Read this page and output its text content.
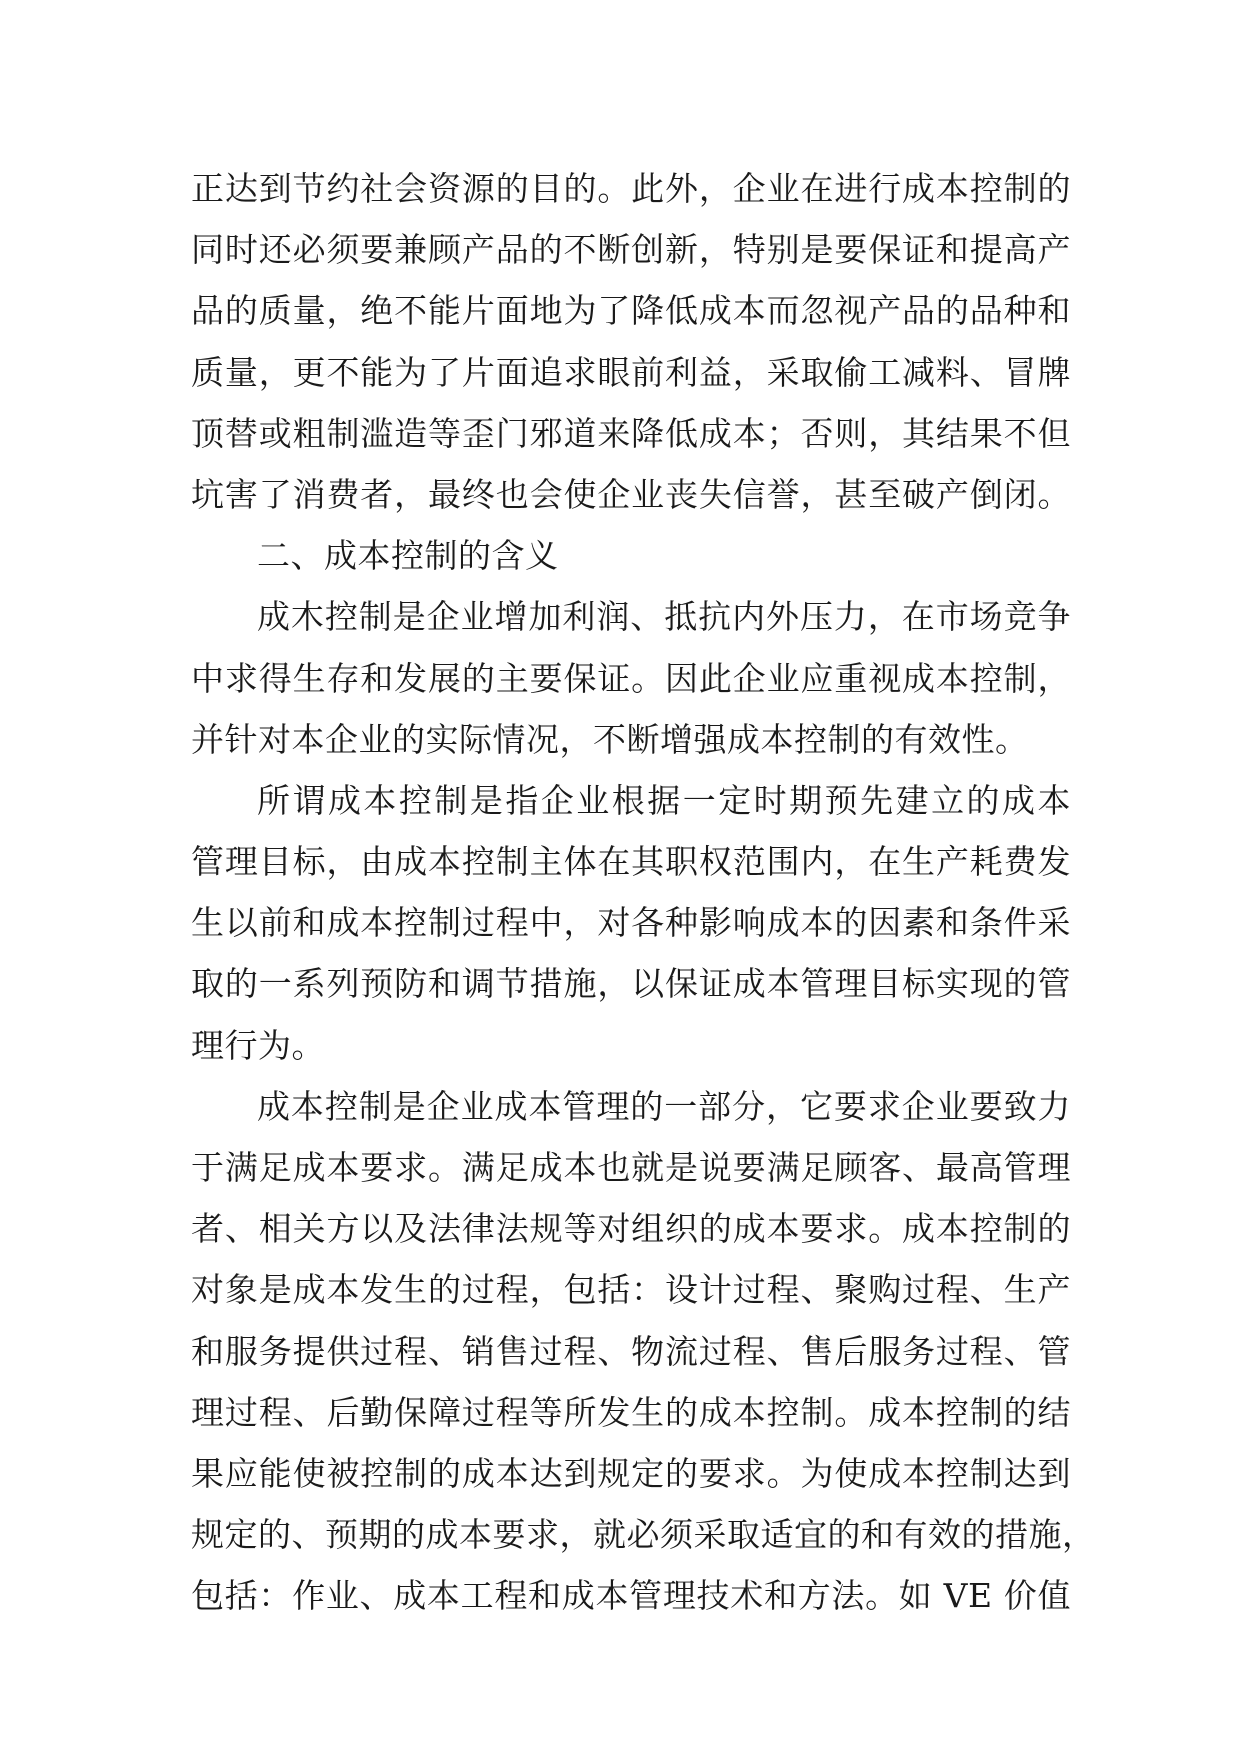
正达到节约社会资源的目的。此外，企业在进行成本控制的
同时还必须要兼顾产品的不断创新，特别是要保证和提高产
品的质量，绝不能片面地为了降低成本而忽视产品的品种和
质量，更不能为了片面追求眼前利益，采取偷工减料、冒牌
顶替或粗制滥造等歪门邪道来降低成本；否则，其结果不但
坑害了消费者，最终也会使企业丧失信誉，甚至破产倒闭。
二、成本控制的含义
成木控制是企业增加利润、抵抗内外压力，在市场竞争
中求得生存和发展的主要保证。因此企业应重视成本控制，
并针对本企业的实际情况，不断增强成本控制的有效性。
所谓成本控制是指企业根据一定时期预先建立的成本
管理目标，由成本控制主体在其职权范围内，在生产耗费发
生以前和成本控制过程中，对各种影响成本的因素和条件采
取的一系列预防和调节措施，以保证成本管理目标实现的管
理行为。
成本控制是企业成本管理的一部分，它要求企业要致力
于满足成本要求。满足成本也就是说要满足顾客、最高管理
者、相关方以及法律法规等对组织的成本要求。成本控制的
对象是成本发生的过程，包括：设计过程、聚购过程、生产
和服务提供过程、销售过程、物流过程、售后服务过程、管
理过程、后勤保障过程等所发生的成本控制。成本控制的结
果应能使被控制的成本达到规定的要求。为使成本控制达到
规定的、预期的成本要求，就必须采取适宜的和有效的措施，
包括：作业、成本工程和成本管理技术和方法。如 VE 价值
